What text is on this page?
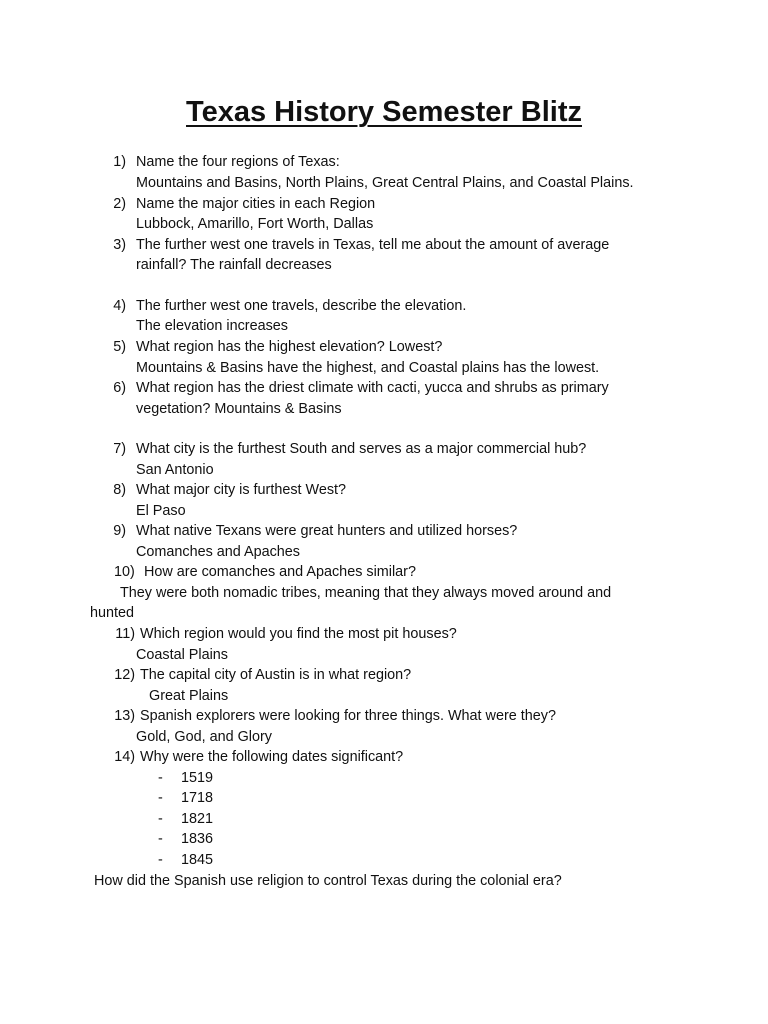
Texas History Semester Blitz
1) Name the four regions of Texas:
Mountains and Basins, North Plains, Great Central Plains, and Coastal Plains.
2) Name the major cities in each Region
Lubbock, Amarillo, Fort Worth, Dallas
3) The further west one travels in Texas, tell me about the amount of average
rainfall? The rainfall decreases
4) The further west one travels, describe the elevation.
The elevation increases
5) What region has the highest elevation? Lowest?
Mountains & Basins have the highest, and Coastal plains has the lowest.
6) What region has the driest climate with cacti, yucca and shrubs as primary
vegetation? Mountains & Basins
7) What city is the furthest South and serves as a major commercial hub?
San Antonio
8) What major city is furthest West?
El Paso
9) What native Texans were great hunters and utilized horses?
Comanches and Apaches
10) How are comanches and Apaches similar?
They were both nomadic tribes, meaning that they always moved around and
hunted
11) Which region would you find the most pit houses?
Coastal Plains
12) The capital city of Austin is in what region?
Great Plains
13) Spanish explorers were looking for three things. What were they?
Gold, God, and Glory
14) Why were the following dates significant?
- 1519
- 1718
- 1821
- 1836
- 1845
How did the Spanish use religion to control Texas during the colonial era?
